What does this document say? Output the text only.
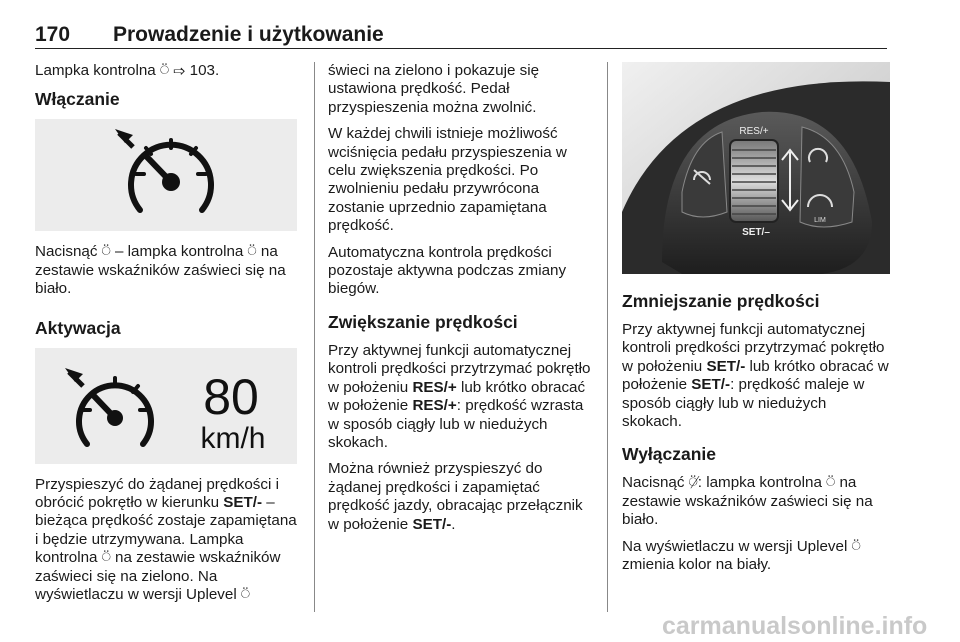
170 Prowadzenie i użytkowanie

Lampka kontrolna ⍥ ⇨ 103.

Włączanie

Nacisnąć ⍥ – lampka kontrolna ⍥ na zestawie wskaźników zaświeci się na biało.

Aktywacja
80
km/h

Przyspieszyć do żądanej prędkości i obrócić pokrętło w kierunku SET/- – bieżąca prędkość zostaje zapamiętana i będzie utrzymywana. Lampka kontrolna ⍥ na zestawie wskaźników zaświeci się na zielono. Na wyświetlaczu w wersji Uplevel ⍥

świeci na zielono i pokazuje się ustawiona prędkość. Pedał przyspieszenia można zwolnić.

W każdej chwili istnieje możliwość wciśnięcia pedału przyspieszenia w celu zwiększenia prędkości. Po zwolnieniu pedału przywrócona zostanie uprzednio zapamiętana prędkość.

Automatyczna kontrola prędkości pozostaje aktywna podczas zmiany biegów.

Zwiększanie prędkości

Przy aktywnej funkcji automatycznej kontroli prędkości przytrzymać pokrętło w położeniu RES/+ lub krótko obracać w położenie RES/+: prędkość wzrasta w sposób ciągły lub w niedużych skokach.

Można również przyspieszyć do żądanej prędkości i zapamiętać prędkość jazdy, obracając przełącznik w położenie SET/-.

RES/+
SET/–
LIM
Zmniejszanie prędkości

Przy aktywnej funkcji automatycznej kontroli prędkości przytrzymać pokrętło w położeniu SET/- lub krótko obracać w położenie SET/-: prędkość maleje w sposób ciągły lub w niedużych skokach.

Wyłączanie

Nacisnąć ⍥̸: lampka kontrolna ⍥ na zestawie wskaźników zaświeci się na biało.

Na wyświetlaczu w wersji Uplevel ⍥ zmienia kolor na biały.

carmanualsonline.info
